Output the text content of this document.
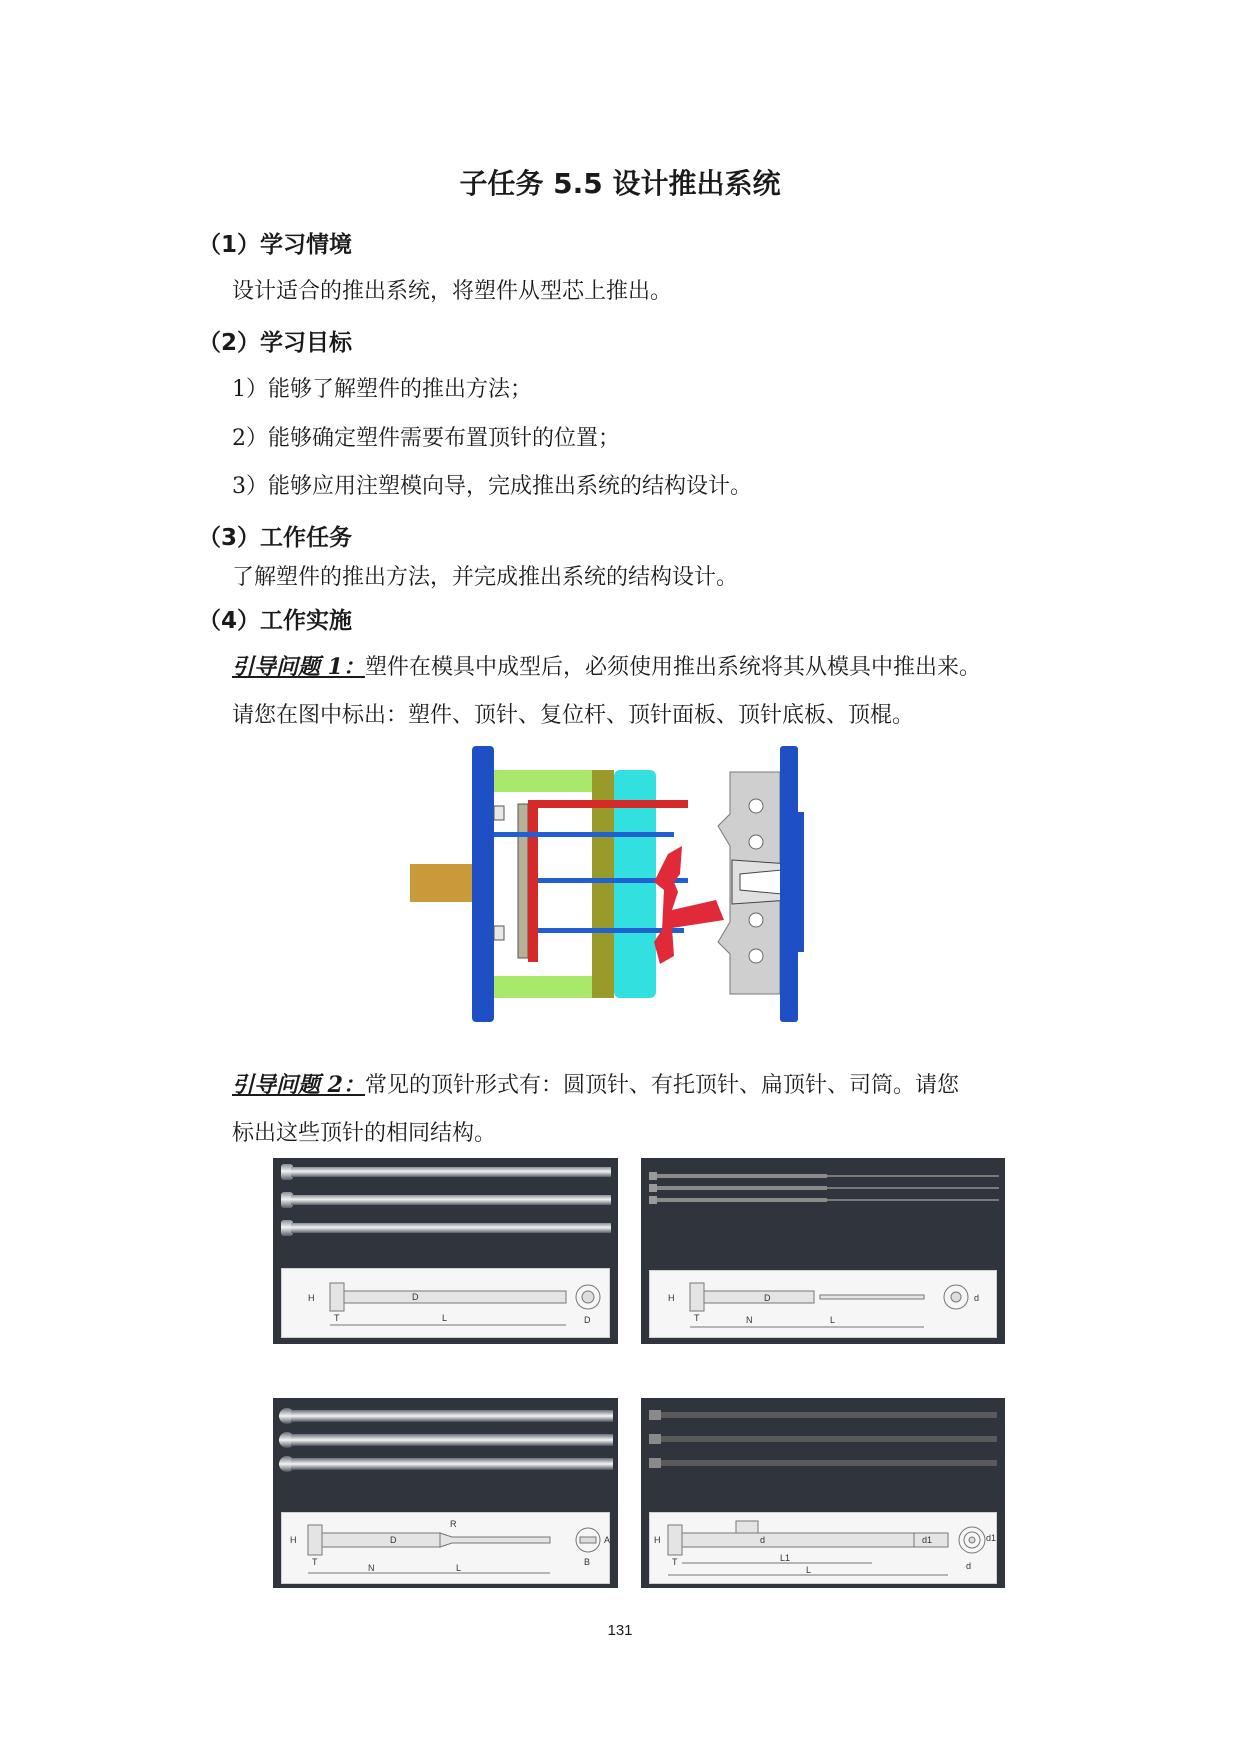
子任务 5.5 设计推出系统
（1）学习情境
设计适合的推出系统，将塑件从型芯上推出。
（2）学习目标
1）能够了解塑件的推出方法；
2）能够确定塑件需要布置顶针的位置；
3）能够应用注塑模向导，完成推出系统的结构设计。
（3）工作任务
了解塑件的推出方法，并完成推出系统的结构设计。
（4）工作实施
引导问题 1：塑件在模具中成型后，必须使用推出系统将其从模具中推出来。
请您在图中标出：塑件、顶针、复位杆、顶针面板、顶针底板、顶棍。
引导问题 2：常见的顶针形式有：圆顶针、有托顶针、扁顶针、司筒。请您
标出这些顶针的相同结构。
H
T
D
L	D
H
T
D
N	L
d
H
T
D
R
N	L
A
B
H
T
d
L1
L
d1	d1
d
131
